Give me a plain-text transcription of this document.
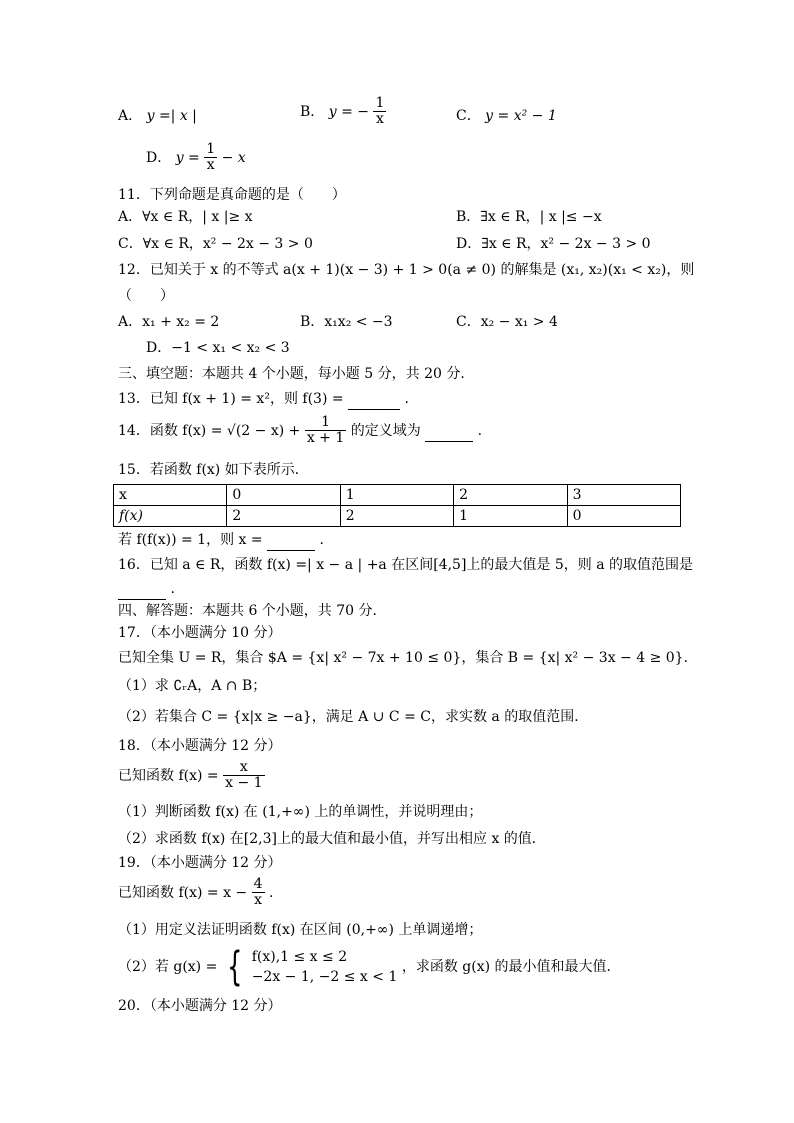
A． y =| x |	B． y = − $\frac{1}{x}$	C． y = x² − 1
D． $y = \frac{1}{x} - x$
11．下列命题是真命题的是（　　）
A．∀x ∈ R，| x |≥ x	B．∃x ∈ R，| x |≤ −x
C．∀x ∈ R，x² − 2x − 3 > 0	D．∃x ∈ R，x² − 2x − 3 > 0
12．已知关于 x 的不等式 a(x + 1)(x − 3) + 1 > 0(a ≠ 0) 的解集是 (x₁, x₂)(x₁ < x₂)，则
（　　）
A．x₁ + x₂ = 2	B．x₁x₂ < −3	C．x₂ − x₁ > 4
D．−1 < x₁ < x₂ < 3
三、填空题：本题共 4 个小题，每小题 5 分，共 20 分．
13．已知 f(x + 1) = x²，则 f(3) =	.
14．函数 $f(x) = √(2 - x) + \frac{1}{x + 1}$ 的定义域为	.
15．若函数 f(x) 如下表所示．
x	0	1	2	3
f(x)	2	2	1	0
若 f(f(x)) = 1，则 x =	.
16．已知 a ∈ R，函数 f(x) =| x − a | +a 在区间[4,5]上的最大值是 5，则 a 的取值范围是
.
四、解答题：本题共 6 个小题，共 70 分．
17．（本小题满分 10 分）
已知全集 U = R，集合 $A = {x| x² − 7x + 10 ≤ 0}，集合 B = {x| x² − 3x − 4 ≥ 0}．
（1）求 ∁ᵣA，A ∩ B；
（2）若集合 C = {x|x ≥ −a}，满足 A ∪ C = C，求实数 a 的取值范围．
18．（本小题满分 12 分）
已知函数 $f(x) = \frac{x}{x - 1}$
（1）判断函数 f(x) 在 (1,+∞) 上的单调性，并说明理由；
（2）求函数 f(x) 在[2,3]上的最大值和最小值，并写出相应 x 的值．
19．（本小题满分 12 分）
已知函数 $f(x) = x - \frac{4}{x}$ .
（1）用定义法证明函数 f(x) 在区间 (0,+∞) 上单调递增；
（2）若 g(x) = { f(x),1 ≤ x ≤ 2
−2x − 1, −2 ≤ x < 1
，求函数 g(x) 的最小值和最大值．
20．（本小题满分 12 分）
